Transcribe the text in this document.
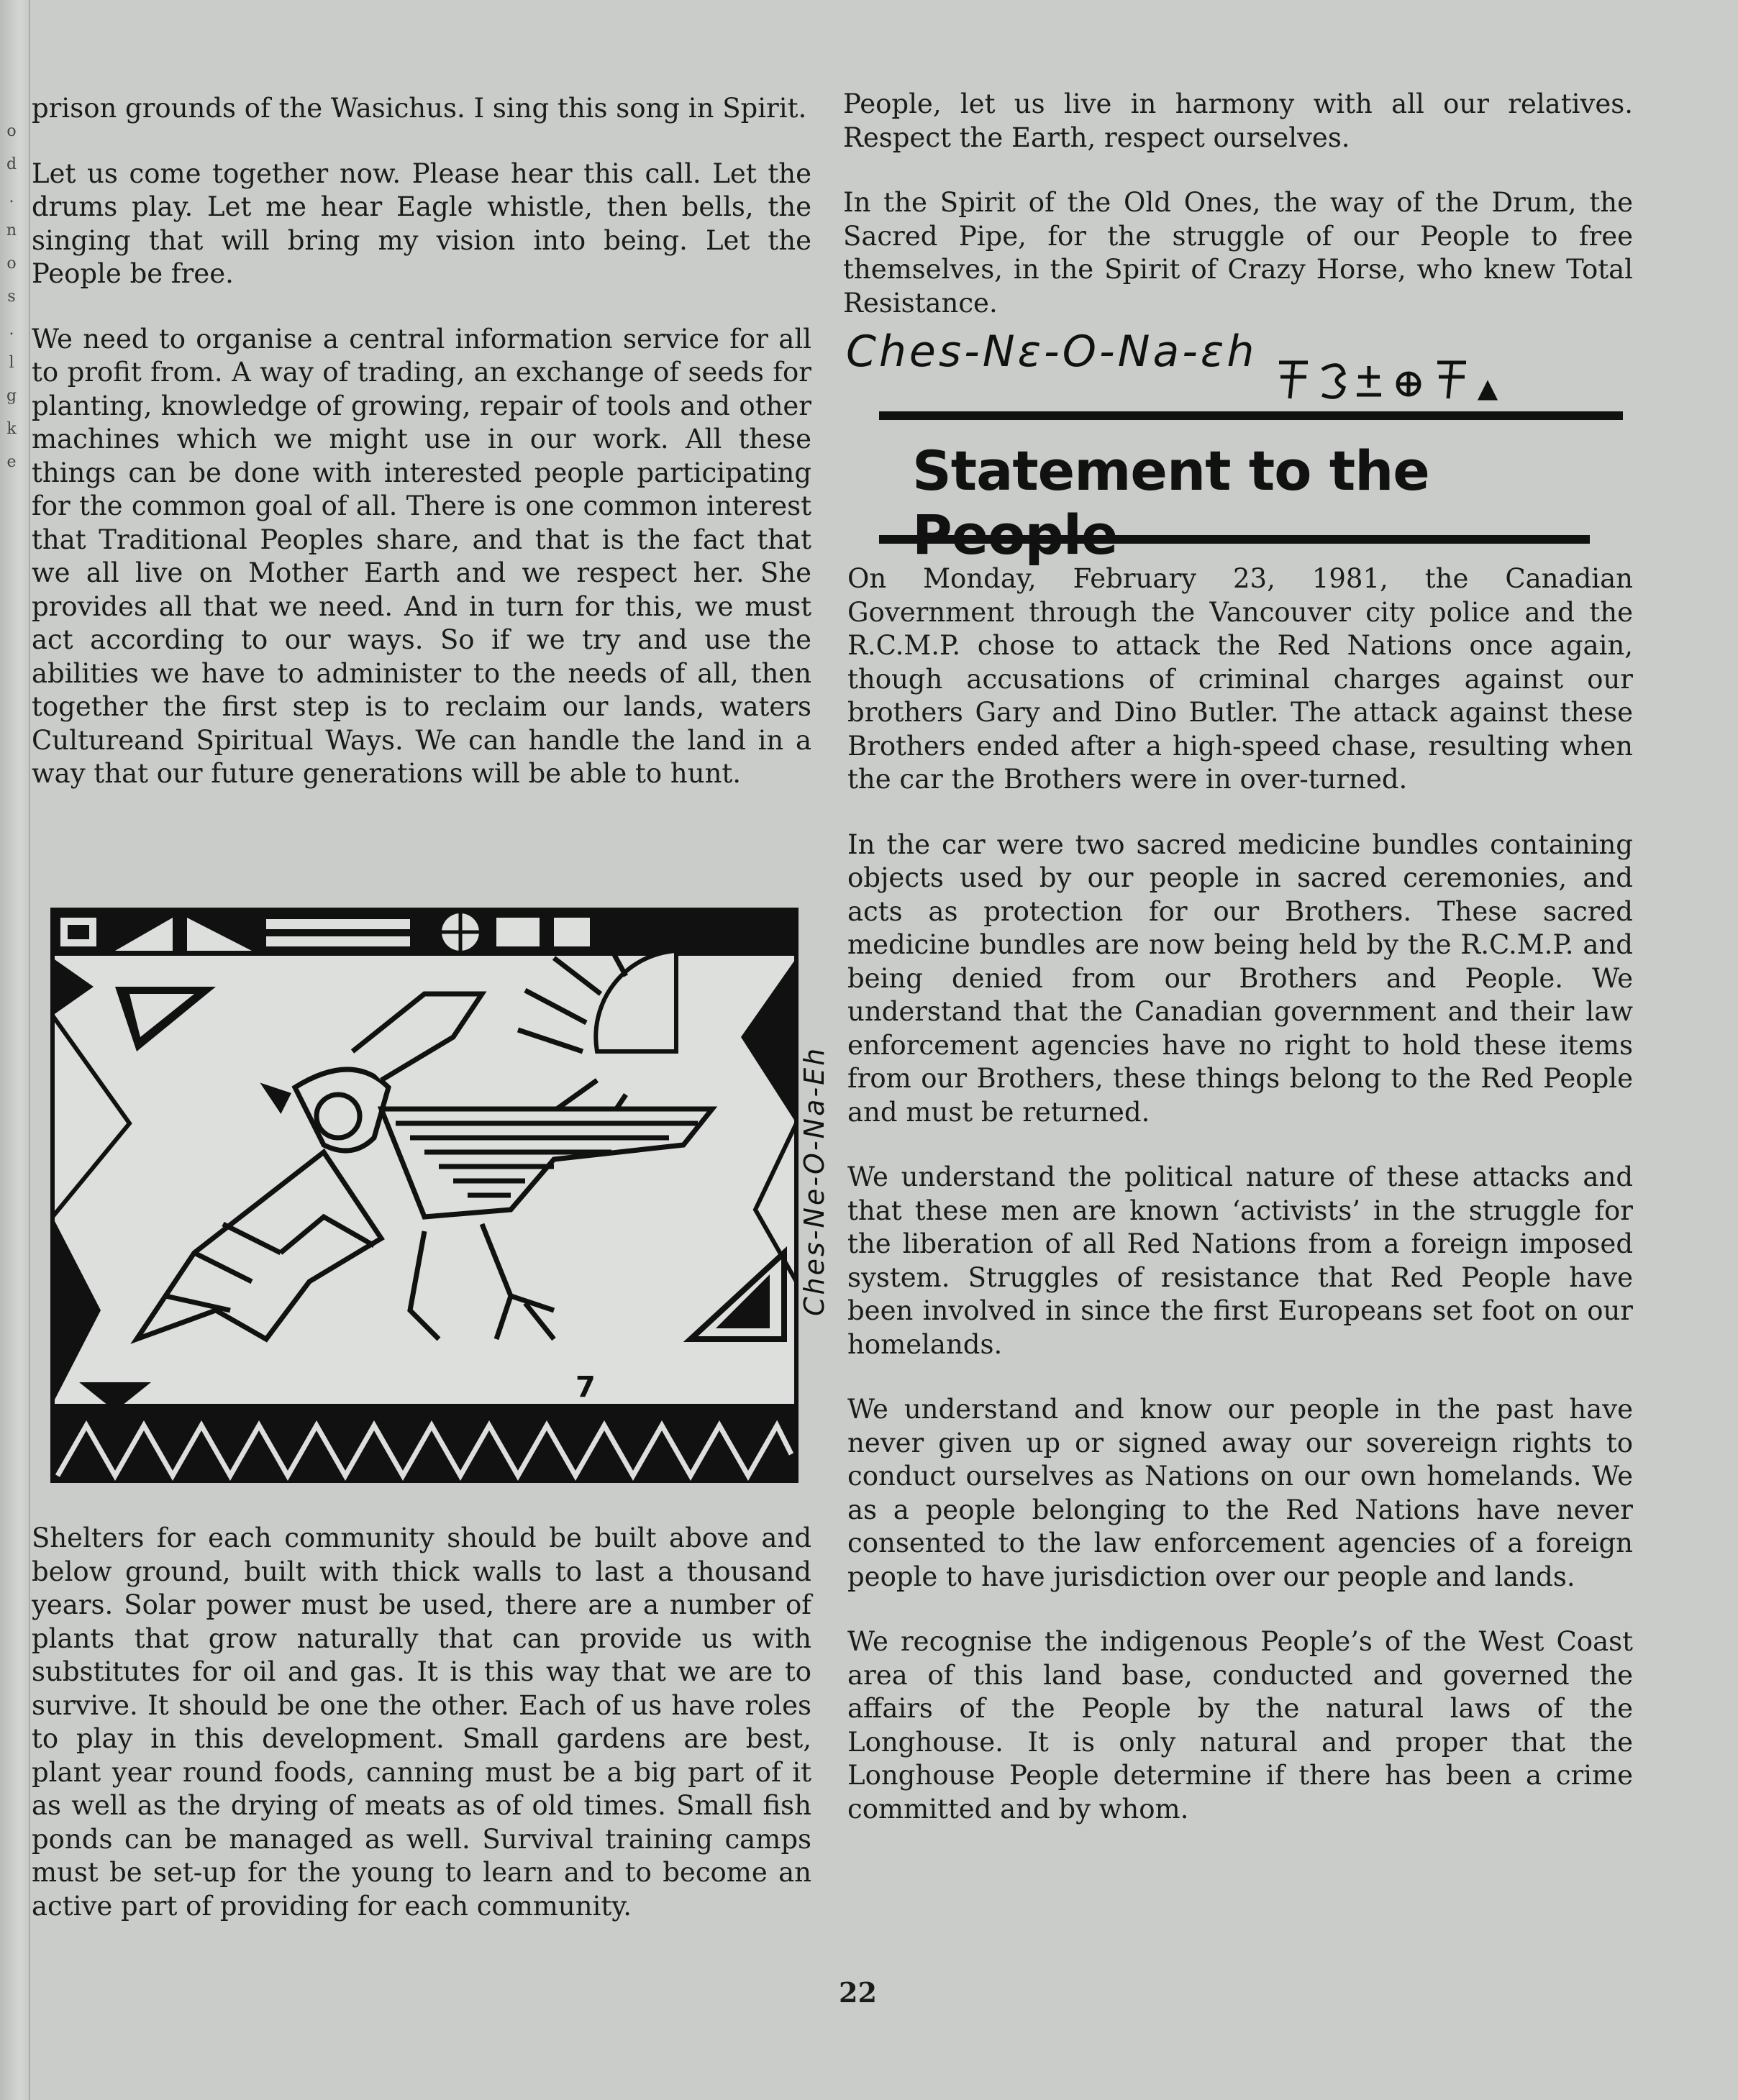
o
d
.
n
o
s
.
l
g
k
e

prison grounds of the Wasichus. I sing this song in Spirit.

Let us come together now. Please hear this call. Let the drums play. Let me hear Eagle whistle, then bells, the singing that will bring my vision into being. Let the People be free.

We need to organise a central information service for all to profit from. A way of trading, an exchange of seeds for planting, knowledge of growing, repair of tools and other machines which we might use in our work. All these things can be done with interested people participating for the common goal of all. There is one common interest that Traditional Peoples share, and that is the fact that we all live on Mother Earth and we respect her. She provides all that we need. And in turn for this, we must act according to our ways. So if we try and use the abilities we have to administer to the needs of all, then together the first step is to reclaim our lands, waters Cultureand Spiritual Ways. We can handle the land in a way that our future generations will be able to hunt.

7
Ches-Ne-O-Na-Eh

Shelters for each community should be built above and below ground, built with thick walls to last a thousand years. Solar power must be used, there are a number of plants that grow naturally that can provide us with substitutes for oil and gas. It is this way that we are to survive. It should be one the other. Each of us have roles to play in this development. Small gardens are best, plant year round foods, canning must be a big part of it as well as the drying of meats as of old times. Small fish ponds can be managed as well. Survival training camps must be set-up for the young to learn and to become an active part of providing for each community.

People, let us live in harmony with all our relatives. Respect the Earth, respect ourselves.

In the Spirit of the Old Ones, the way of the Drum, the Sacred Pipe, for the struggle of our People to free themselves, in the Spirit of Crazy Horse, who knew Total Resistance.

Ches-Nε-O-Na-εh
Statement to the

On Monday, February 23, 1981, the Canadian Government through the Vancouver city police and the R.C.M.P. chose to attack the Red Nations once again, though accusations of criminal charges against our brothers Gary and Dino Butler. The attack against these Brothers ended after a high-speed chase, resulting when the car the Brothers were in over-turned.

In the car were two sacred medicine bundles containing objects used by our people in sacred ceremonies, and acts as protection for our Brothers. These sacred medicine bundles are now being held by the R.C.M.P. and being denied from our Brothers and People. We understand that the Canadian government and their law enforcement agencies have no right to hold these items from our Brothers, these things belong to the Red People and must be returned.

We understand the political nature of these attacks and that these men are known ‘activists’ in the struggle for the liberation of all Red Nations from a foreign imposed system. Struggles of resistance that Red People have been involved in since the first Europeans set foot on our homelands.

We understand and know our people in the past have never given up or signed away our sovereign rights to conduct ourselves as Nations on our own homelands. We as a people belonging to the Red Nations have never consented to the law enforcement agencies of a foreign people to have jurisdiction over our people and lands.

We recognise the indigenous People’s of the West Coast area of this land base, conducted and governed the affairs of the People by the natural laws of the Longhouse. It is only natural and proper that the Longhouse People determine if there has been a crime committed and by whom.

22
